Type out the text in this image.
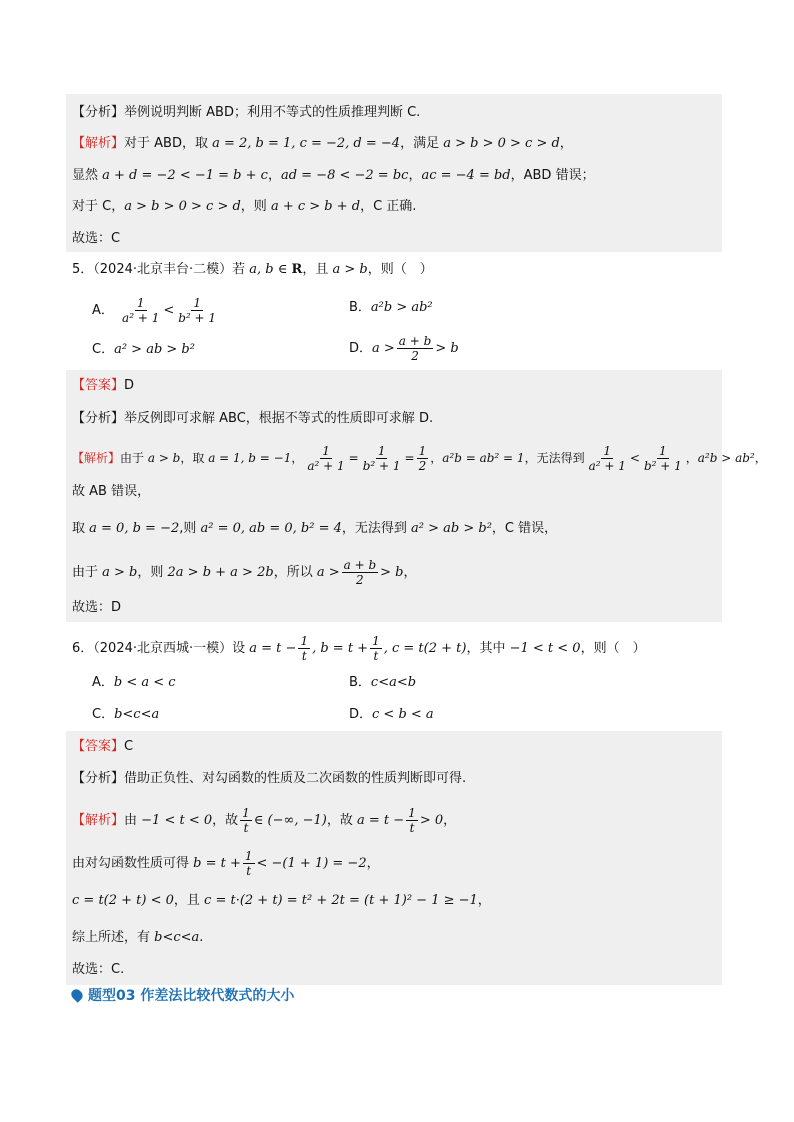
【分析】举例说明判断 ABD；利用不等式的性质推理判断 C.
【解析】对于 ABD，取 a = 2, b = 1, c = −2, d = −4，满足 a > b > 0 > c > d，
显然 a + d = −2 < −1 = b + c，ad = −8 < −2 = bc，ac = −4 = bd，ABD 错误；
对于 C，a > b > 0 > c > d，则 a + c > b + d，C 正确.
故选：C
5．（2024·北京丰台·二模）若 a, b ∈ R，且 a > b，则（　）
A． $\frac{1}{\text{a² + 1}} < \frac{1}{\text{b² + 1}}$	B．a²b > ab²
C．a² > ab > b²	D．$a > \frac{a + b}{2} > b$
【答案】D
【分析】举反例即可求解 ABC，根据不等式的性质即可求解 D.
【解析】由于 a > b，取 a = 1, b = −1， $\frac{1}{\text{a² + 1}} = \frac{1}{\text{b² + 1}} = \frac{1}{2}$ ，a²b = ab² = 1，无法得到 $\frac{1}{\text{a² + 1}} < \frac{1}{\text{b² + 1}}$ ，a²b > ab²，
故 AB 错误，
取 a = 0, b = −2,则 a² = 0, ab = 0, b² = 4，无法得到 a² > ab > b²，C 错误，
由于 a > b，则 2a > b + a > 2b，所以 $a > \frac{a + b}{2} > b$，
故选：D
6．（2024·北京西城·一模）设 $a = t - \frac{1}{t}$ , $b = t + \frac{1}{t}$ , c = t(2 + t)，其中 −1 < t < 0，则（　）
A．b < a < c	B．c<a<b
C．b<c<a	D．c < b < a
【答案】C
【分析】借助正负性、对勾函数的性质及二次函数的性质判断即可得.
【解析】由 −1 < t < 0，故 $\frac{1}{t}$ ∈ (−∞, −1)，故 $a = t - \frac{1}{t} > 0$，
由对勾函数性质可得 $b = t + \frac{1}{t} < -(1 + 1) = -2$，
c = t(2 + t) < 0，且 c = t·(2 + t) = t² + 2t = (t + 1)² − 1 ≥ −1，
综上所述，有 b<c<a.
故选：C.
题型03 作差法比较代数式的大小
